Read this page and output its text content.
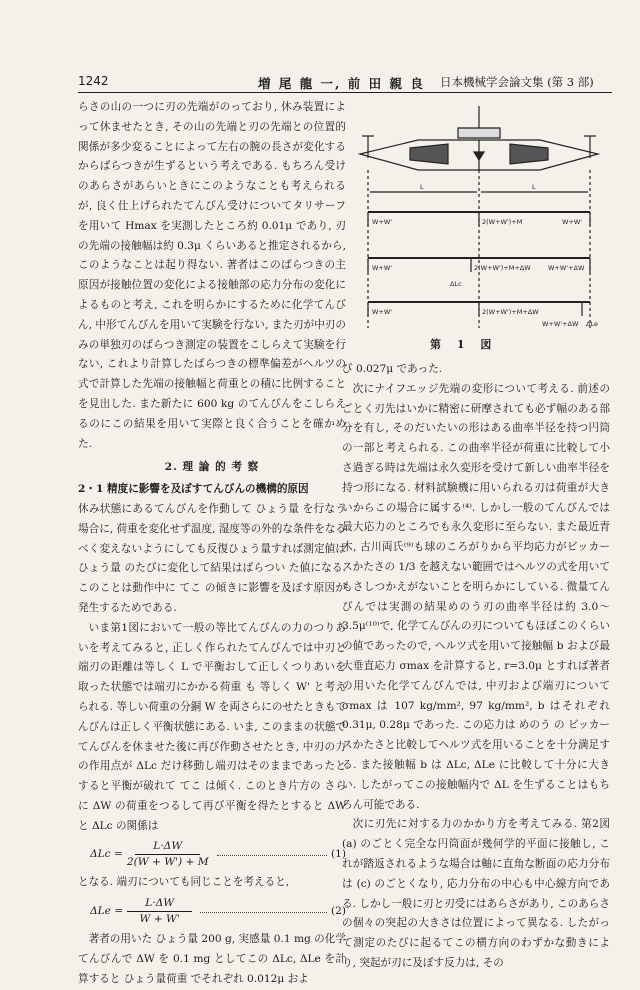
1242	増 尾 龍 一, 前 田 親 良 日本機械学会論文集 (第 3 部)

らさの山の一つに刃の先端がのっており, 休み装置によって休ませたとき, その山の先端と刃の先端との位置的関係が多少変ることによって左右の腕の長さが変化するからばらつきが生ずるという考えである. もちろん受けのあらさがあらいときにこのようなことも考えられるが, 良く仕上げられたてんびん受けについてタリサーフを用いて Hmax を実測したところ約 0.01μ であり, 刃の先端の接触幅は約 0.3μ くらいあると推定されるから, このようなことは起り得ない. 著者はこのばらつきの主原因が接触位置の変化による接触部の応力分布の変化によるものと考え, これを明らかにするために化学てんびん, 中形てんびんを用いて実験を行ない, また刃が中刃のみの単独刃のばらつき測定の装置をこしらえて実験を行ない, これより計算したばらつきの標準偏差がヘルツの式で計算した先端の接触幅と荷重との積に比例することを見出した. また新たに 600 kg のてんびんをこしらえるのにこの結果を用いて実際と良く合うことを確かめた.

2. 理 論 的 考 察

2・1 精度に影響を及ぼすてんびんの機構的原因

休み状態にあるてんびんを作動して ひょう量 を行なう場合に, 荷重を変化せず温度, 湿度等の外的な条件をなるべく変えないようにしても反復ひょう量すれば測定値は ひょう量 のたびに変化して結果はばらつい た値になる. このことは動作中に てこ の傾きに影響を及ぼす原因が発生するためである.

いま第1図において一般の等比てんびんの力のつりあいを考えてみると, 正しく作られたてんびんでは中刃と端刃の距離は等しく L で平衡おして正しくつりあいを取った状態では端刃にかかる荷重 も 等しく W' と考えられる. 等しい荷重の分銅 W を両さらにのせたときもてんびんは正しく平衡状態にある. いま, このままの状態でてんびんを休ませた後に再び作動させたとき, 中刃の力の作用点が ΔLc だけ移動し端刃はそのままであったとすると平衡が破れて てこ は傾く. このとき片方の さらに ΔW の荷重をつるして再び平衡を得たとすると ΔW と ΔLc の関係は

$\Delta Lc = \frac{L\cdot\Delta W}{2(W + W') + M}$	(1)

となる. 端刃についても同じことを考えると,

$\Delta Le = \frac{L\cdot\Delta W}{W + W'}$	(2)

著者の用いた ひょう量 200 g, 実感量 0.1 mg の化学てんびんで ΔW を 0.1 mg としてこの ΔLc, ΔLe を計算すると ひょう量荷重 でそれぞれ 0.012μ およ

L	L
W+W'	2(W+W')+M	W+W'
W+W'	2(W+W')+M+ΔW	W+W'+ΔW
ΔLc
W+W'	2(W+W')+M+ΔW
W+W'+ΔW ΔLe
第 1 図

び 0.027μ であった.

次にナイフエッジ先端の変形について考える. 前述のごとく刃先はいかに精密に研摩されても必ず幅のある部分を有し, そのだいたいの形はある曲率半径を持つ円筒の一部と考えられる. この曲率半径が荷重に比較して小さ過ぎる時は先端は永久変形を受けて新しい曲率半径を持つ形になる. 材料試験機に用いられる刃は荷重が大きいからこの場合に属する⁽⁴⁾. しかし一般のてんびんでは最大応力のところでも永久変形に至らない. また最近青木, 古川両氏⁽⁹⁾も球のころがりから平均応力がビッカースかたさの 1/3 を越えない範囲ではヘルツの式を用いてもさしつかえがないことを明らかにしている. 微量てんびんでは実測の結果めのう刃の曲率半径は約 3.0〜3.5μ⁽¹⁰⁾で, 化学てんびんの刃についてもほぼこのくらいの値であったので, ヘルツ式を用いて接触幅 b および最大垂直応力 σmax を計算すると, r=3.0μ とすれば著者の用いた化学てんびんでは, 中刃および端刃について σmax は 107 kg/mm², 97 kg/mm², b はそれぞれ 0.31μ, 0.28μ であった. この応力は めのう の ビッカースかたさと比較してヘルツ式を用いることを十分満足する. また接触幅 b は ΔLc, ΔLe に比較して十分に大きい. したがってこの接触幅内で ΔL を生ずることはもちろん可能である.

次に刃先に対する力のかかり方を考えてみる. 第2図 (a) のごとく完全な円筒面が幾何学的平面に接触し, これが踏返されるような場合は軸に直角な断面の応力分布は (c) のごとくなり, 応力分布の中心も中心線方向である. しかし一般に刃と刃受にはあらさがあり, このあらさの個々の突起の大きさは位置によって異なる. したがって測定のたびに起るてこの横方向のわずかな動きにより, 突起が刃に及ぼす反力は, その
